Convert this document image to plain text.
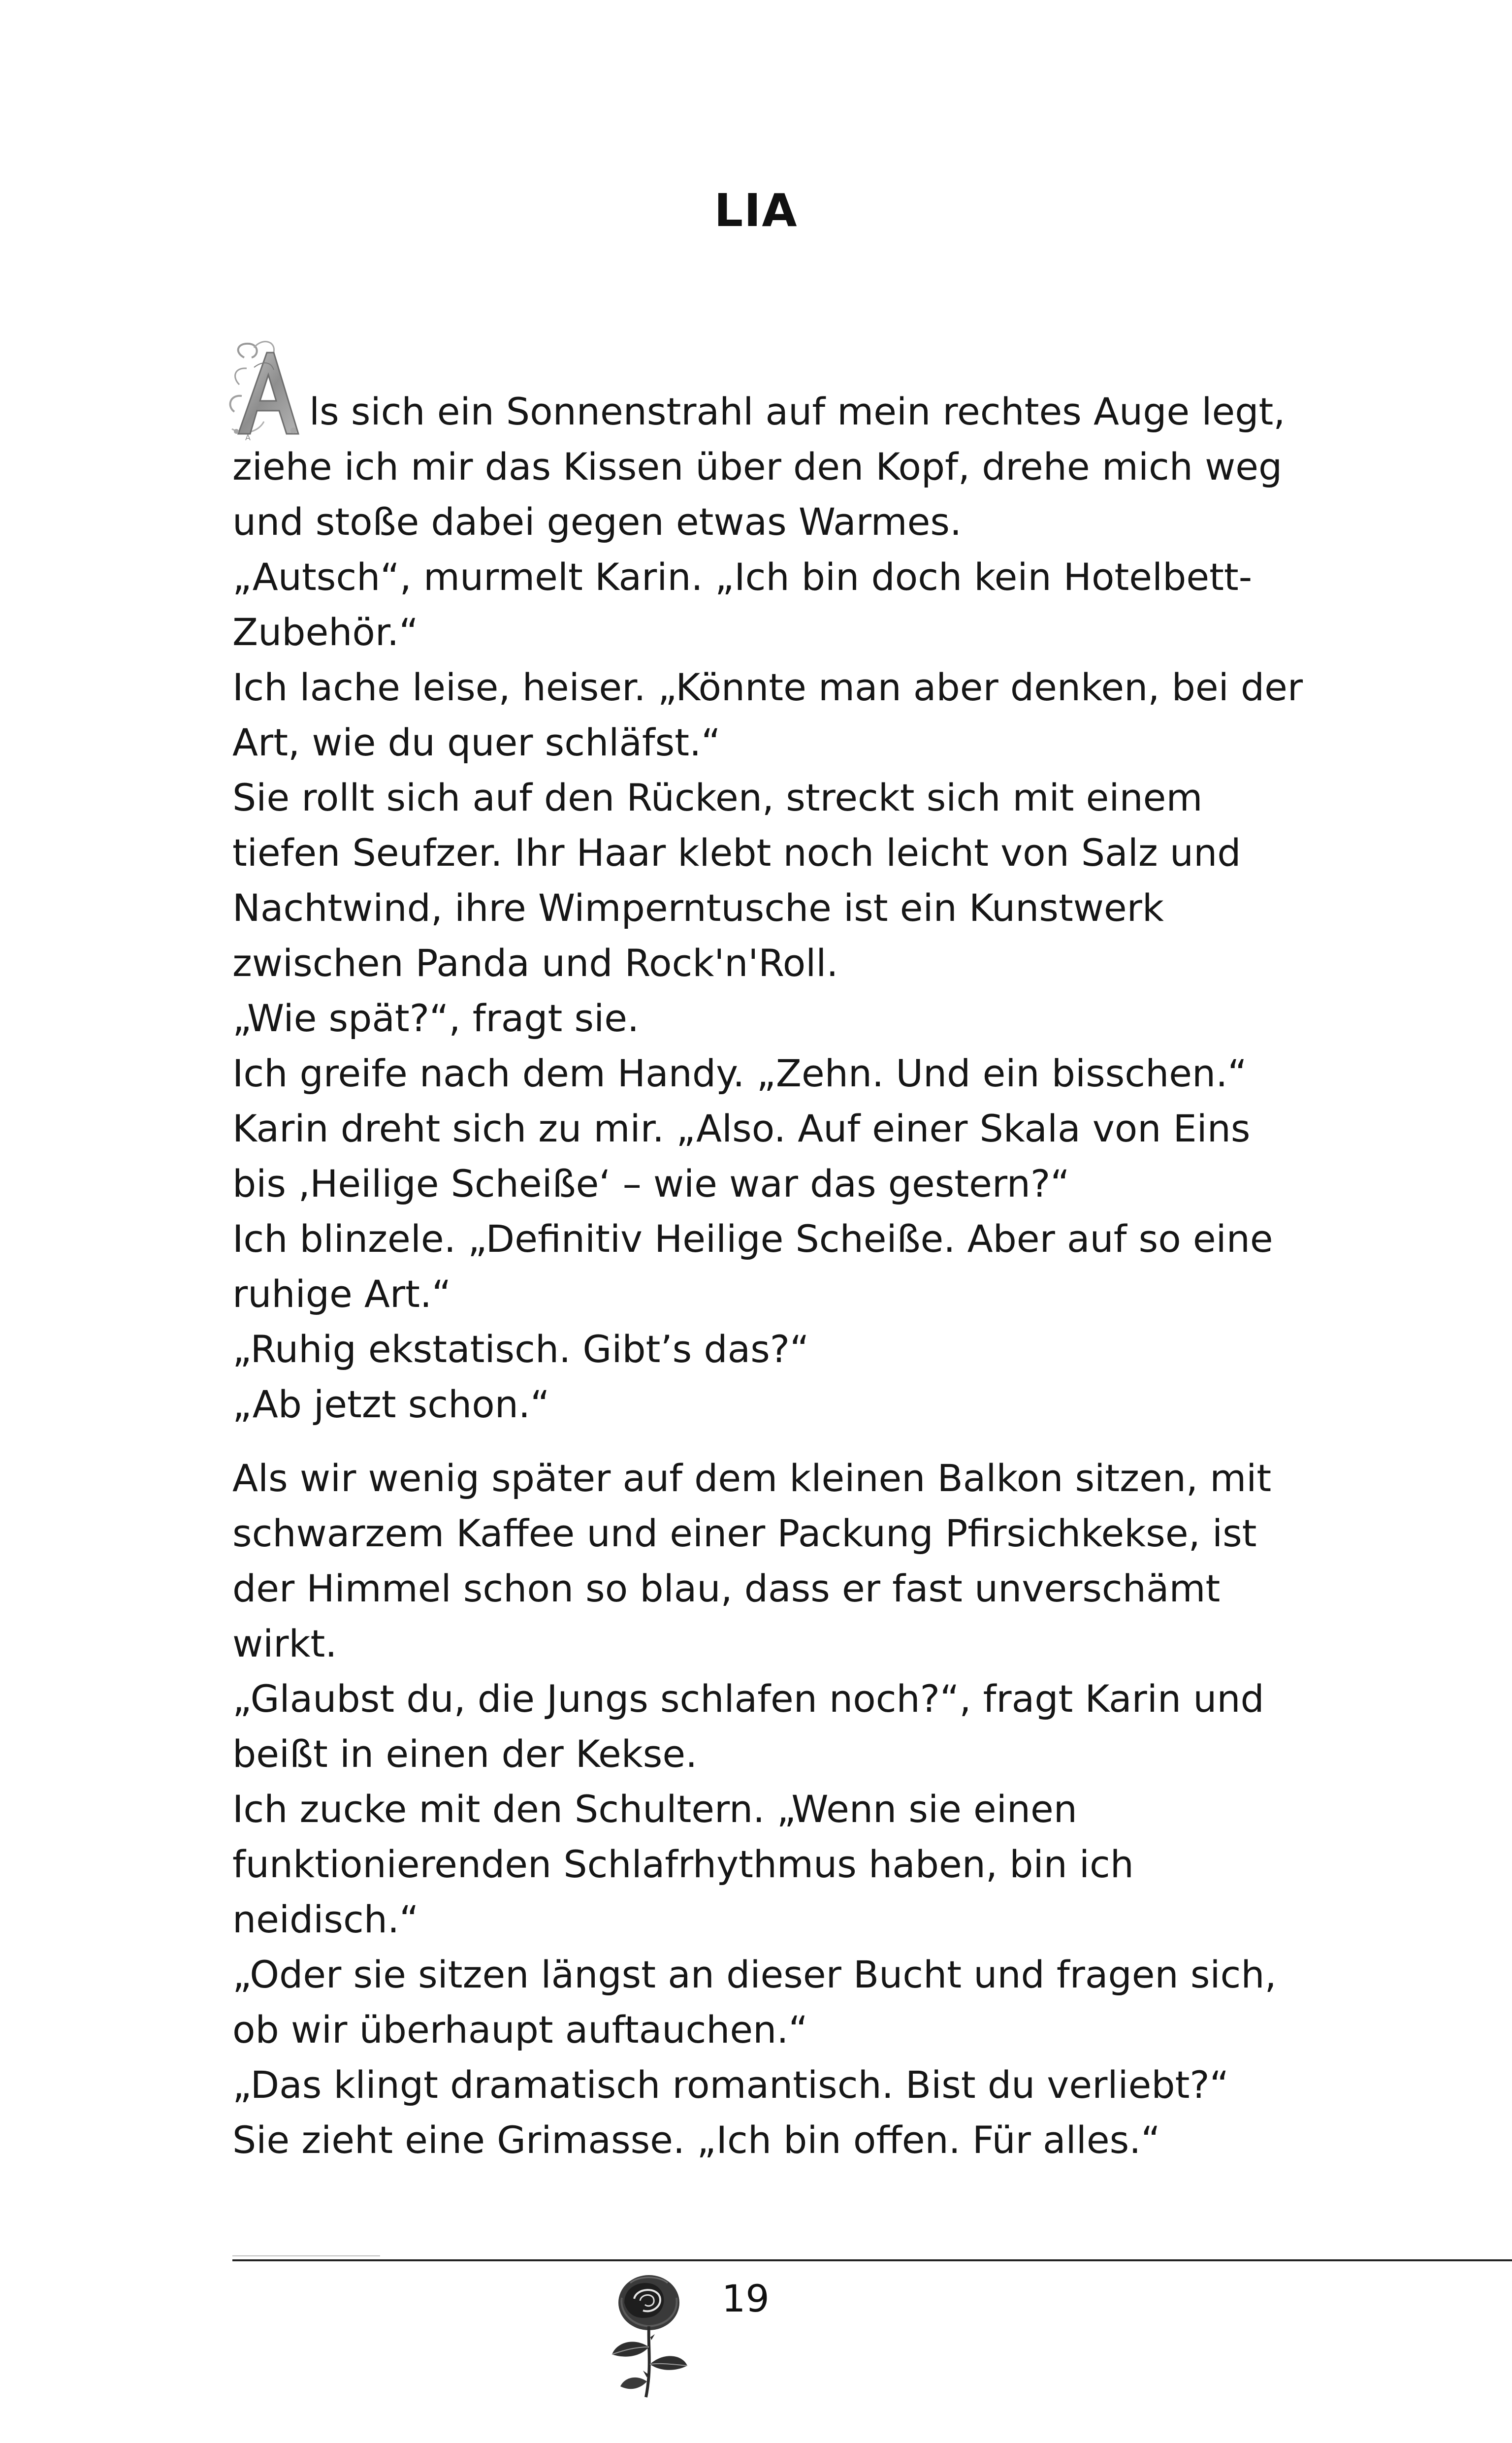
LIA
A
ls sich ein Sonnenstrahl auf mein rechtes Auge legt,
ziehe ich mir das Kissen über den Kopf, drehe mich weg
und stoße dabei gegen etwas Warmes.
„Autsch“, murmelt Karin. „Ich bin doch kein Hotelbett-
Zubehör.“
Ich lache leise, heiser. „Könnte man aber denken, bei der
Art, wie du quer schläfst.“
Sie rollt sich auf den Rücken, streckt sich mit einem
tiefen Seufzer. Ihr Haar klebt noch leicht von Salz und
Nachtwind, ihre Wimperntusche ist ein Kunstwerk
zwischen Panda und Rock'n'Roll.
„Wie spät?“, fragt sie.
Ich greife nach dem Handy. „Zehn. Und ein bisschen.“
Karin dreht sich zu mir. „Also. Auf einer Skala von Eins
bis ‚Heilige Scheiße‘ – wie war das gestern?“
Ich blinzele. „Definitiv Heilige Scheiße. Aber auf so eine
ruhige Art.“
„Ruhig ekstatisch. Gibt’s das?“
„Ab jetzt schon.“
Als wir wenig später auf dem kleinen Balkon sitzen, mit
schwarzem Kaffee und einer Packung Pfirsichkekse, ist
der Himmel schon so blau, dass er fast unverschämt
wirkt.
„Glaubst du, die Jungs schlafen noch?“, fragt Karin und
beißt in einen der Kekse.
Ich zucke mit den Schultern. „Wenn sie einen
funktionierenden Schlafrhythmus haben, bin ich
neidisch.“
„Oder sie sitzen längst an dieser Bucht und fragen sich,
ob wir überhaupt auftauchen.“
„Das klingt dramatisch romantisch. Bist du verliebt?“
Sie zieht eine Grimasse. „Ich bin offen. Für alles.“
19
